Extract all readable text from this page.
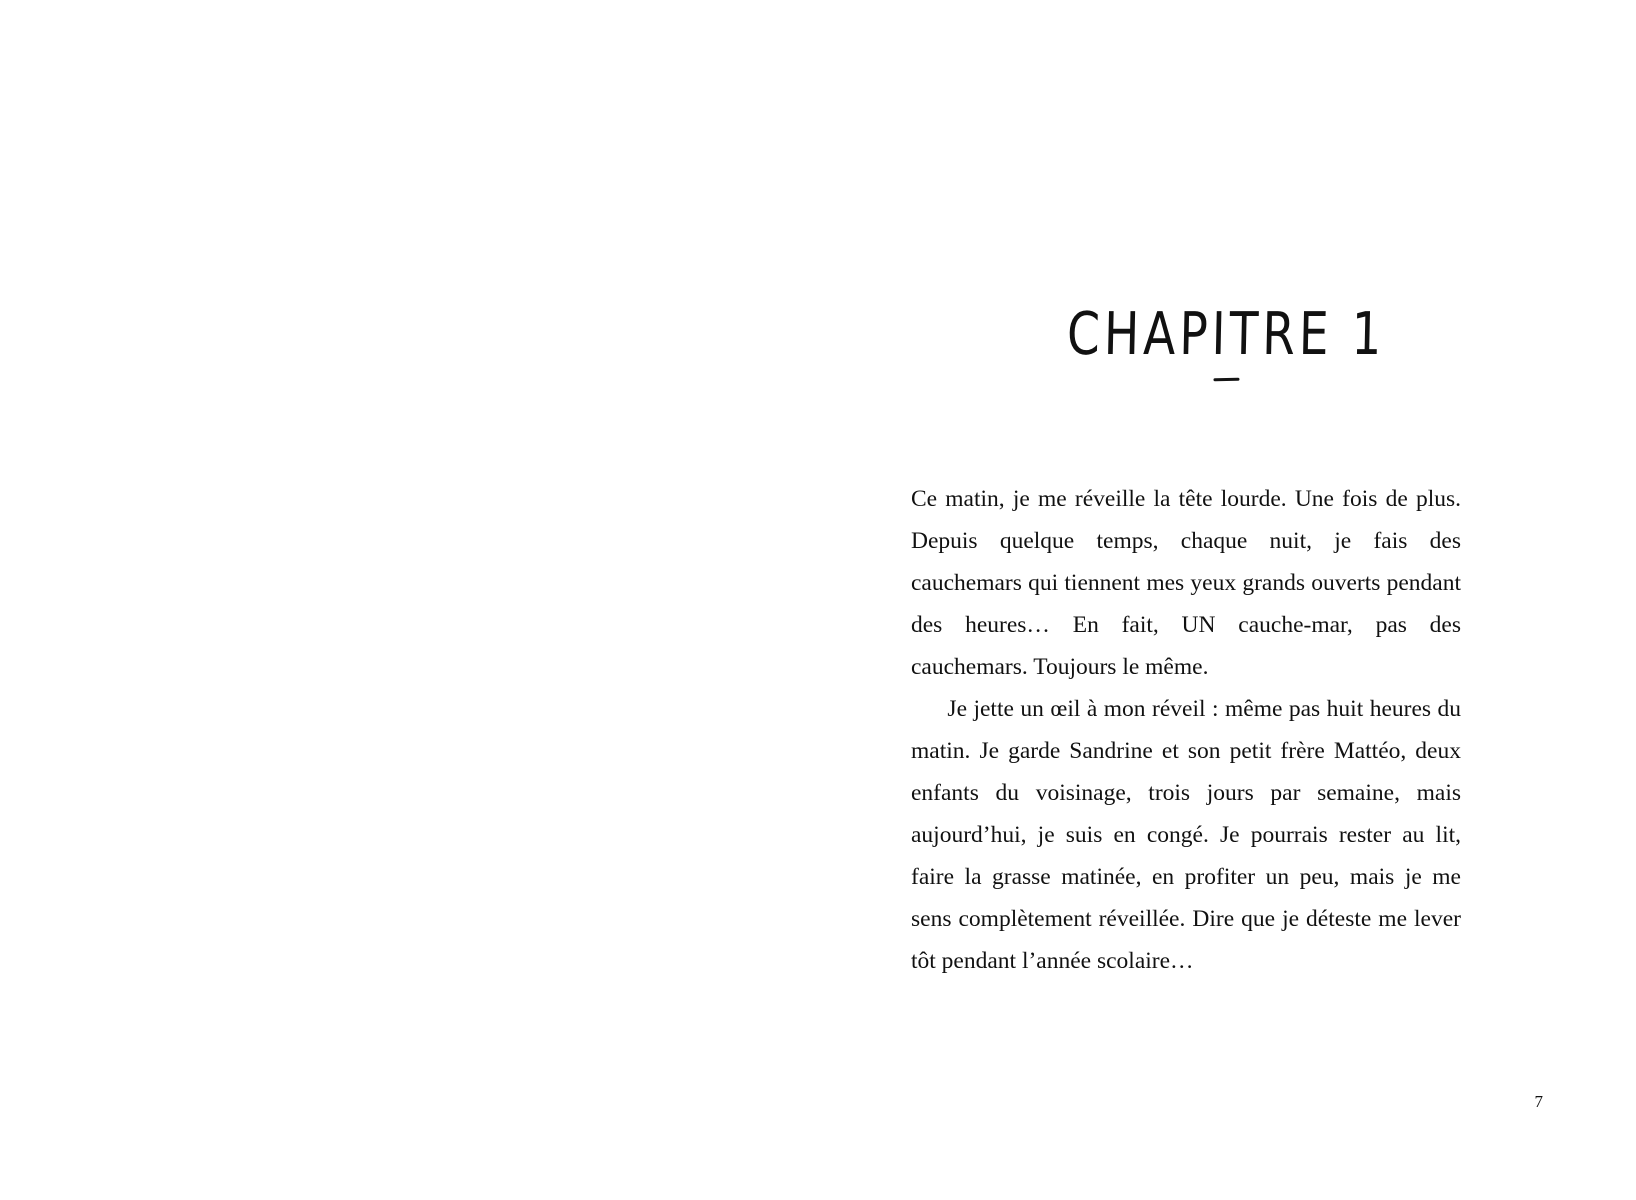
CHAPITRE 1

Ce matin, je me réveille la tête lourde. Une fois de plus. Depuis quelque temps, chaque nuit, je fais des cauchemars qui tiennent mes yeux grands ouverts pendant des heures… En fait, UN cauche-mar, pas des cauchemars. Toujours le même.

Je jette un œil à mon réveil : même pas huit heures du matin. Je garde Sandrine et son petit frère Mattéo, deux enfants du voisinage, trois jours par semaine, mais aujourd’hui, je suis en congé. Je pourrais rester au lit, faire la grasse matinée, en profiter un peu, mais je me sens complètement réveillée. Dire que je déteste me lever tôt pendant l’année scolaire…

7
